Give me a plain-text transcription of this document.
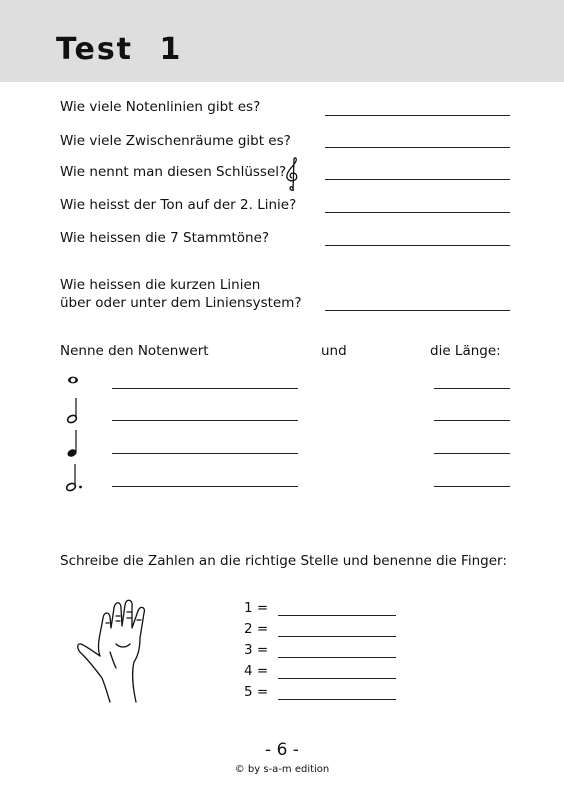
Test 1
Wie viele Notenlinien gibt es?
Wie viele Zwischenräume gibt es?
Wie nennt man diesen Schlüssel?
Wie heisst der Ton auf der 2. Linie?
Wie heissen die 7 Stammtöne?
Wie heissen die kurzen Linien
über oder unter dem Liniensystem?
Nenne den Notenwert	und	die Länge:
Schreibe die Zahlen an die richtige Stelle und benenne die Finger:
1 =
2 =
3 =
4 =
5 =
- 6 -
© by s-a-m edition
